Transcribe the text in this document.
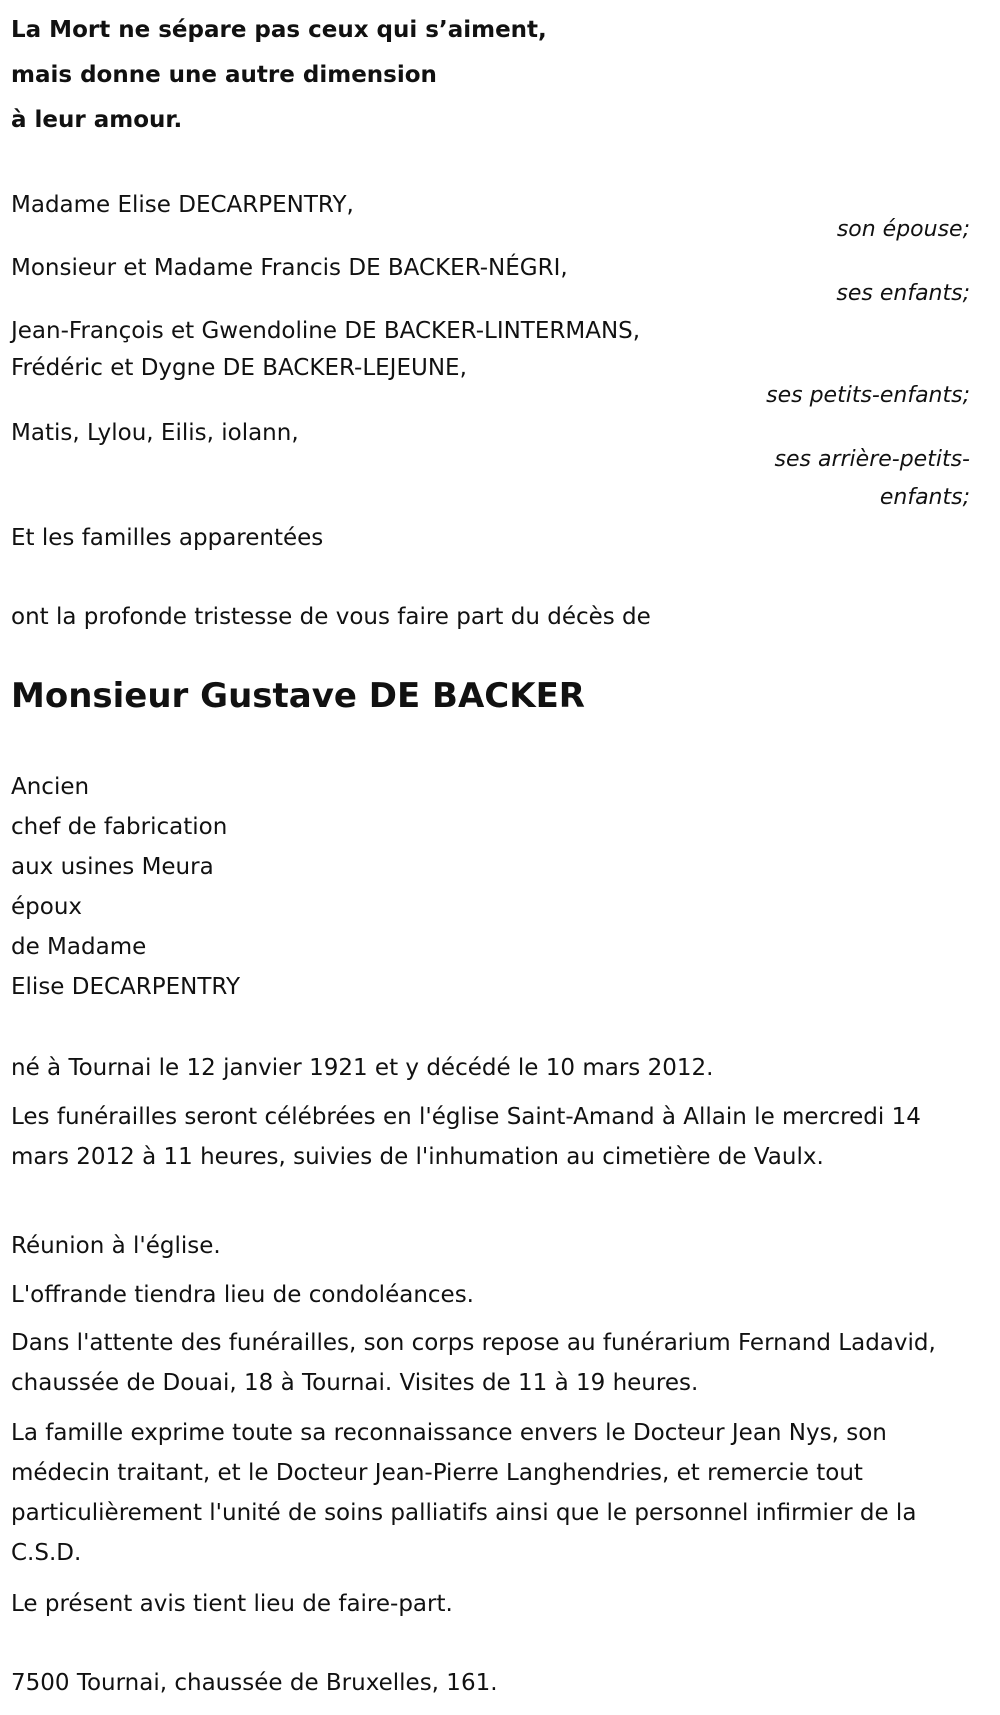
La Mort ne sépare pas ceux qui s’aiment,
mais donne une autre dimension
à leur amour.
Madame Elise DECARPENTRY,
son épouse;
Monsieur et Madame Francis DE BACKER-NÉGRI,
ses enfants;
Jean-François et Gwendoline DE BACKER-LINTERMANS,
Frédéric et Dygne DE BACKER-LEJEUNE,
ses petits-enfants;
Matis, Lylou, Eilis, iolann,
ses arrière-petits-
enfants;
Et les familles apparentées
ont la profonde tristesse de vous faire part du décès de
Monsieur Gustave DE BACKER
Ancien
chef de fabrication
aux usines Meura
époux
de Madame
Elise DECARPENTRY
né à Tournai le 12 janvier 1921 et y décédé le 10 mars 2012.
Les funérailles seront célébrées en l'église Saint-Amand à Allain le mercredi 14 mars 2012 à 11 heures, suivies de l'inhumation au cimetière de Vaulx.
Réunion à l'église.
L'offrande tiendra lieu de condoléances.
Dans l'attente des funérailles, son corps repose au funérarium Fernand Ladavid, chaussée de Douai, 18 à Tournai. Visites de 11 à 19 heures.
La famille exprime toute sa reconnaissance envers le Docteur Jean Nys, son médecin traitant, et le Docteur Jean-Pierre Langhendries, et remercie tout particulièrement l'unité de soins palliatifs ainsi que le personnel infirmier de la C.S.D.
Le présent avis tient lieu de faire-part.
7500 Tournai, chaussée de Bruxelles, 161.
